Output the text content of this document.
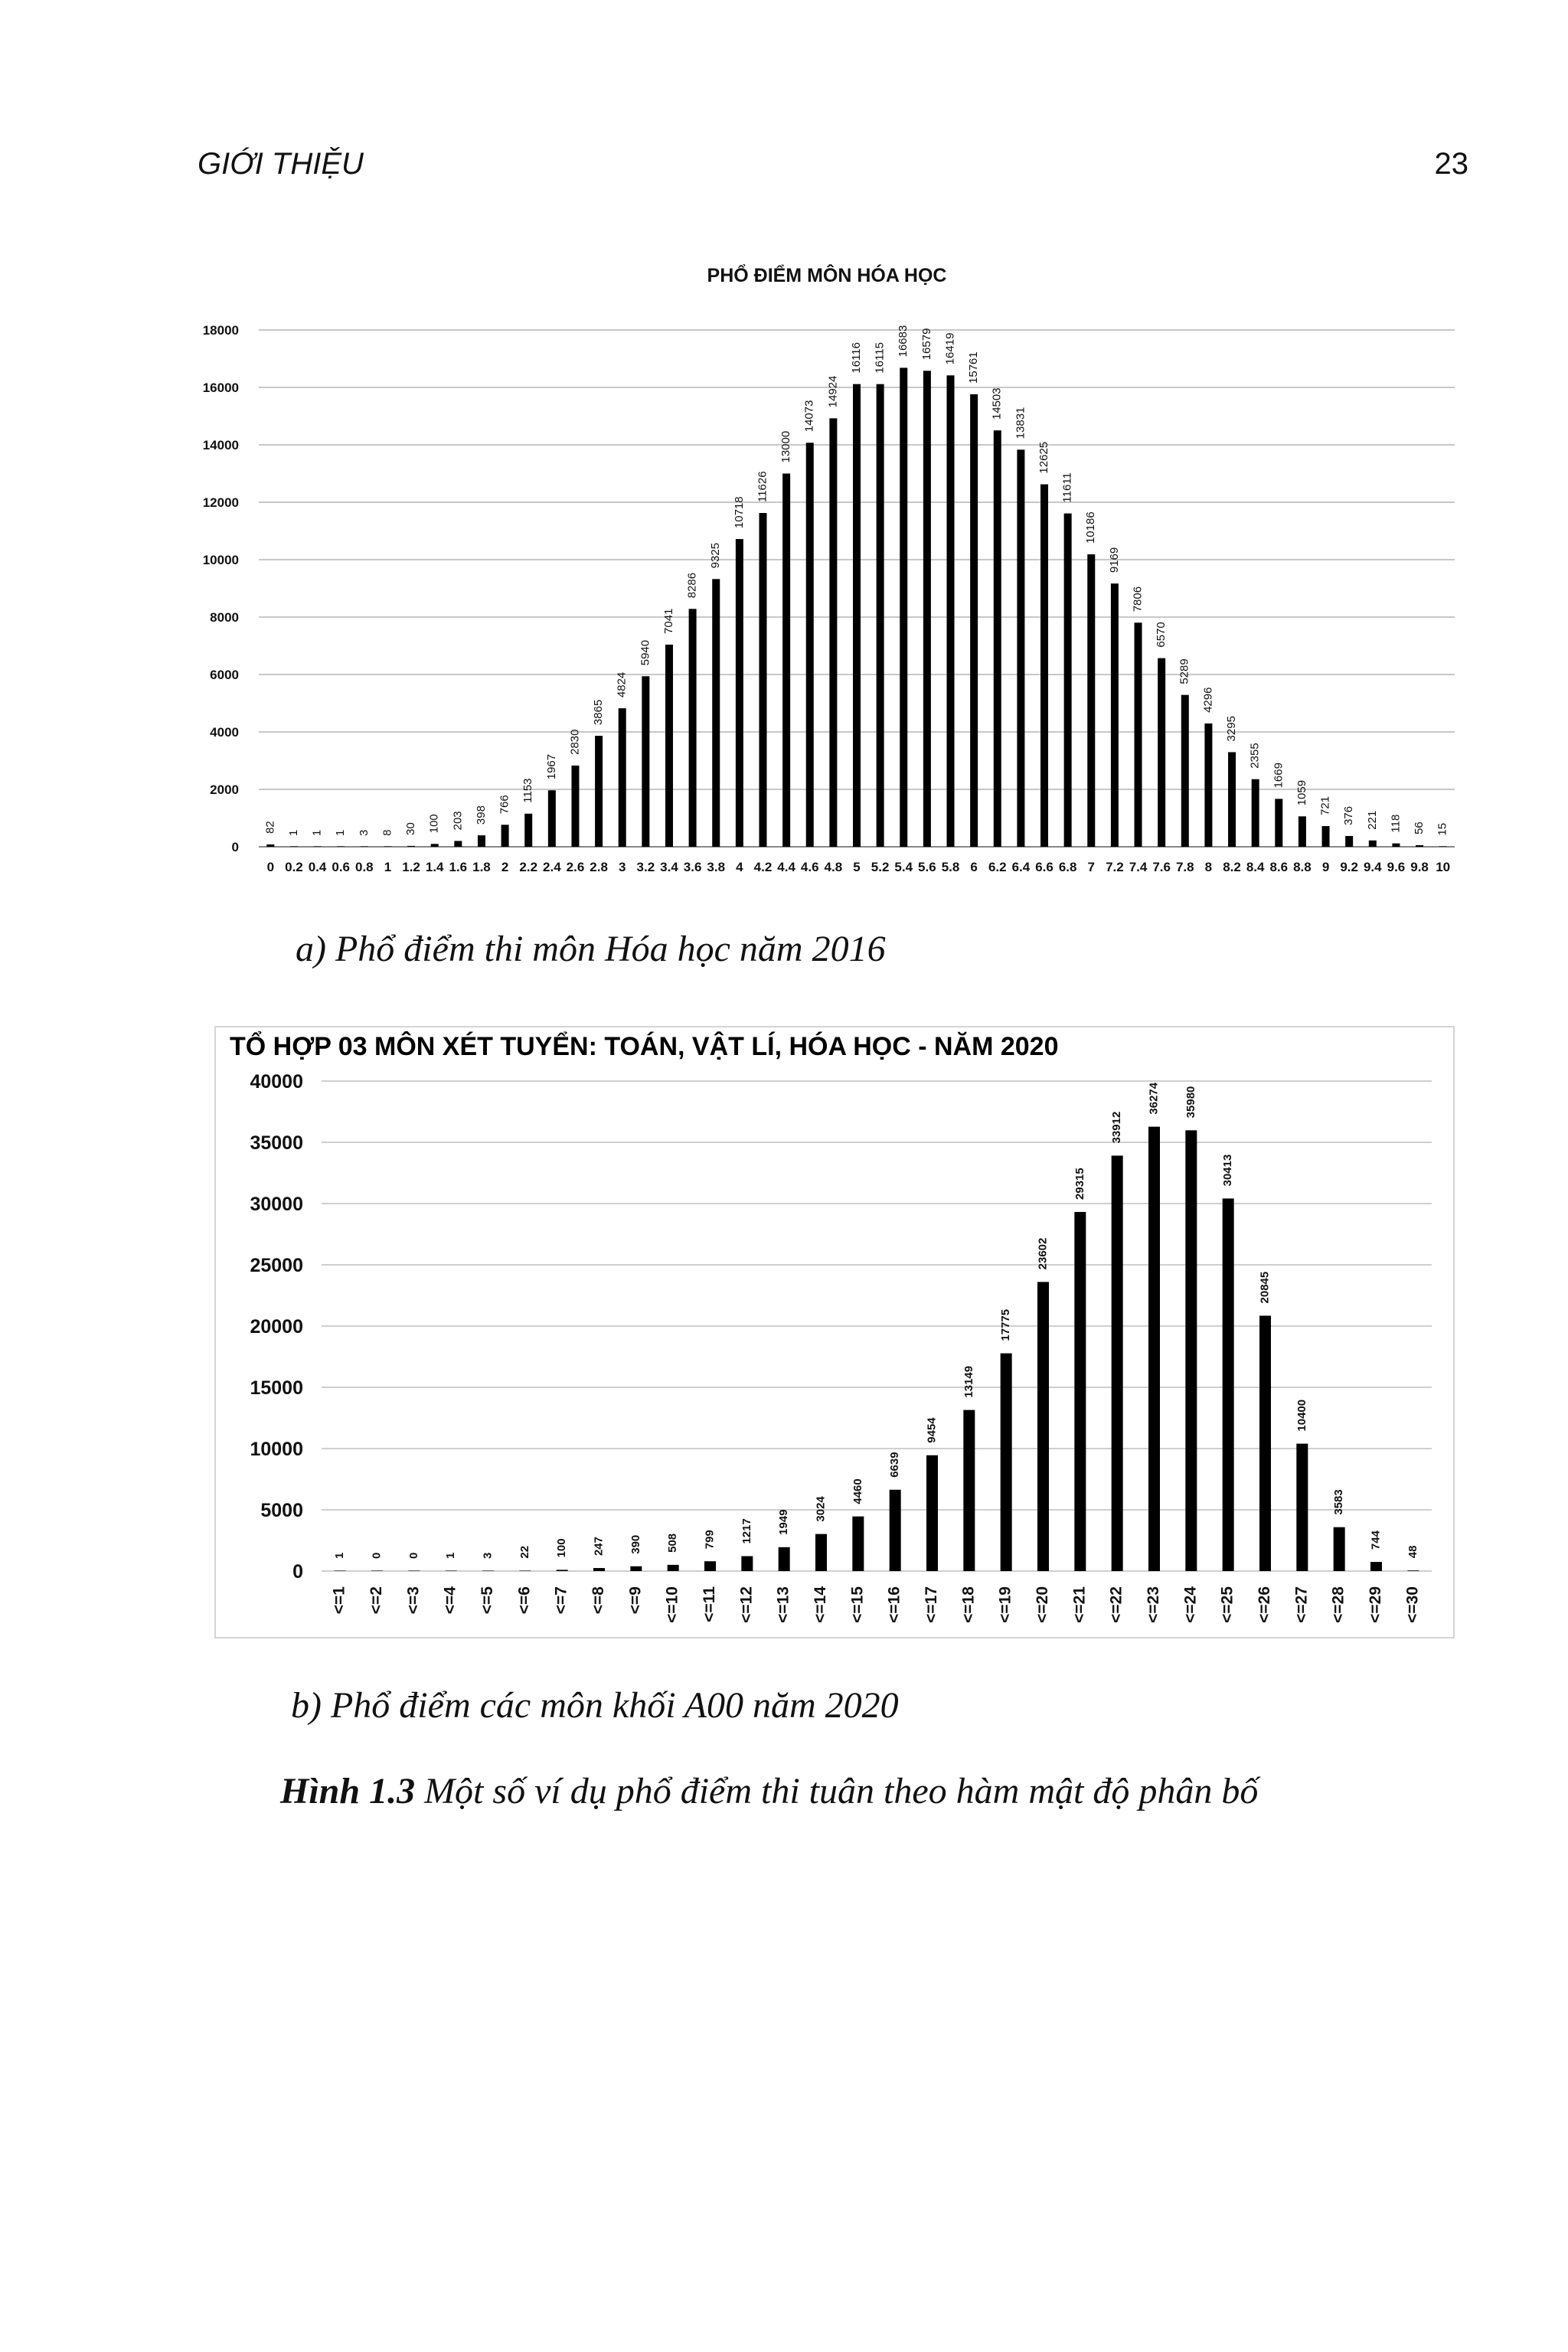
GIỚI THIỆU	23
0
2000
4000
6000
8000
10000
12000
14000
16000
18000
0 0.2 0.4 0.6 0.8 1 1.2 1.4 1.6 1.8 2 2.2 2.4 2.6 2.8 3 3.2 3.4 3.6 3.8 4 4.2 4.4 4.6 4.8 5 5.2 5.4 5.6 5.8 6 6.2 6.4 6.6 6.8 7 7.2 7.4 7.6 7.8 8 8.2 8.4 8.6 8.8 9 9.2 9.4 9.6 9.8 10
82 1 1 1 3 8 30 100 203 398
766
1153
1967
2830
3865
4824
5940
7041
8286
9325
10718
11626
13000
14073
14924
16116 16115
16683 16579 16419
15761
14503
13831
12625
11611
10186
9169
7806
6570
5289
4296
3295
2355
1669
1059
721
376 221 118 56 15
PHỔ ĐIỂM MÔN HÓA HỌC
a) Phổ điểm thi môn Hóa học năm 2016
0
5000
10000
15000
20000
25000
30000
35000
40000
<=1 <=2 <=3 <=4 <=5 <=6 <=7 <=8 <=9 <=10 <=11 <=12 <=13 <=14 <=15 <=16 <=17 <=18 <=19 <=20 <=21 <=22 <=23 <=24 <=25 <=26 <=27 <=28 <=29 <=30
1 0 0 1 3 22 100 247 390 508 799 1217 1949
3024
4460
6639
9454
13149
17775
23602
29315
33912
36274 35980
30413
20845
10400
3583
744
48
TỔ HỢP 03 MÔN XÉT TUYỂN: TOÁN, VẬT LÍ, HÓA HỌC - NĂM 2020
b) Phổ điểm các môn khối A00 năm 2020
Hình 1.3 Một số ví dụ phổ điểm thi tuân theo hàm mật độ phân bố
